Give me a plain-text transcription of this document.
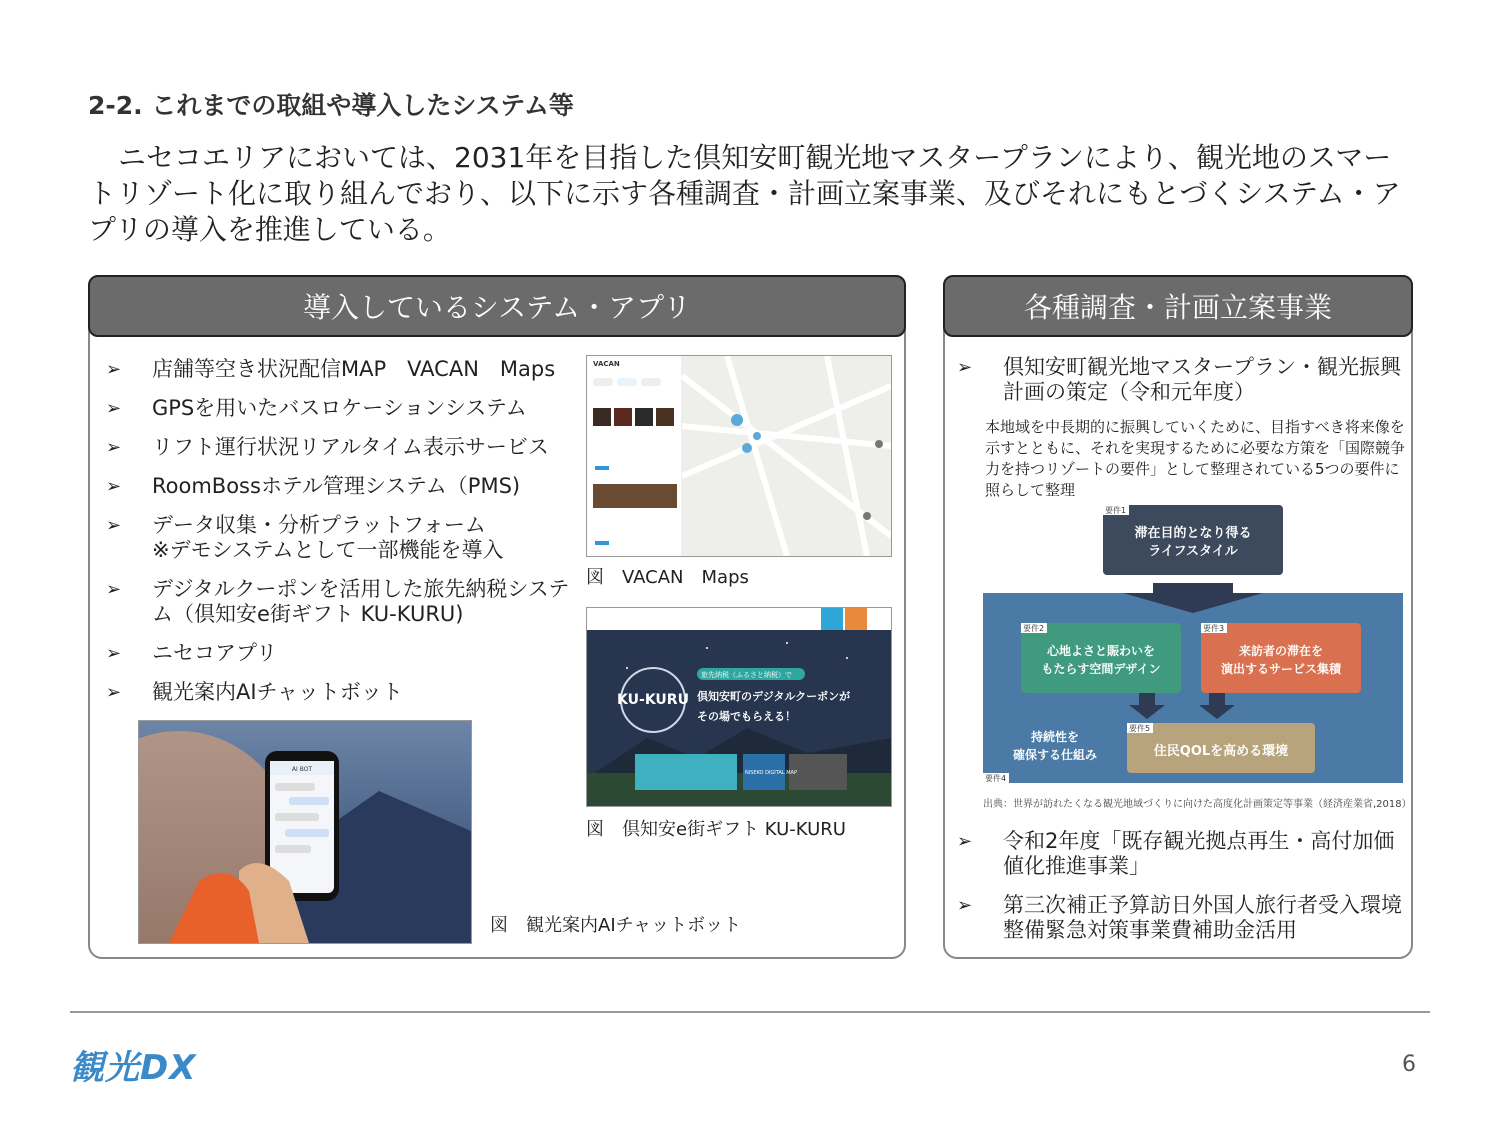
2-2. これまでの取組や導入したシステム等
ニセコエリアにおいては、2031年を目指した倶知安町観光地マスタープランにより、観光地のスマートリゾート化に取り組んでおり、以下に示す各種調査・計画立案事業、及びそれにもとづくシステム・アプリの導入を推進している。
導入しているシステム・アプリ
➢ 店舗等空き状況配信MAP　VACAN　Maps
➢ GPSを用いたバスロケーションシステム
➢ リフト運行状況リアルタイム表示サービス
➢ RoomBossホテル管理システム（PMS)
➢ データ収集・分析プラットフォーム
※デモシステムとして一部機能を導入
➢ デジタルクーポンを活用した旅先納税システム（倶知安e街ギフト KU-KURU)
➢ ニセコアプリ
➢ 観光案内AIチャットボット
VACAN
図　VACAN　Maps
KU-KURU
旅先納税（ふるさと納税）で
倶知安町のデジタルクーポンが
その場でもらえる！
NISEKO DIGITAL MAP
図　倶知安e街ギフト KU-KURU
AI BOT
図　観光案内AIチャットボット
各種調査・計画立案事業
➢ 倶知安町観光地マスタープラン・観光振興計画の策定（令和元年度）
本地域を中長期的に振興していくために、目指すべき将来像を示すとともに、それを実現するために必要な方策を「国際競争力を持つリゾートの要件」として整理されている5つの要件に照らして整理
要件1
滞在目的となり得る
ライフスタイル
要件2
心地よさと賑わいを
もたらす空間デザイン
要件3
来訪者の滞在を
演出するサービス集積
持続性を
確保する仕組み
要件5
住民QOLを高める環境
要件4
出典：世界が訪れたくなる観光地域づくりに向けた高度化計画策定等事業（経済産業省,2018）
➢ 令和2年度「既存観光拠点再生・高付加価値化推進事業」
➢ 第三次補正予算訪日外国人旅行者受入環境整備緊急対策事業費補助金活用
観光DX	6
